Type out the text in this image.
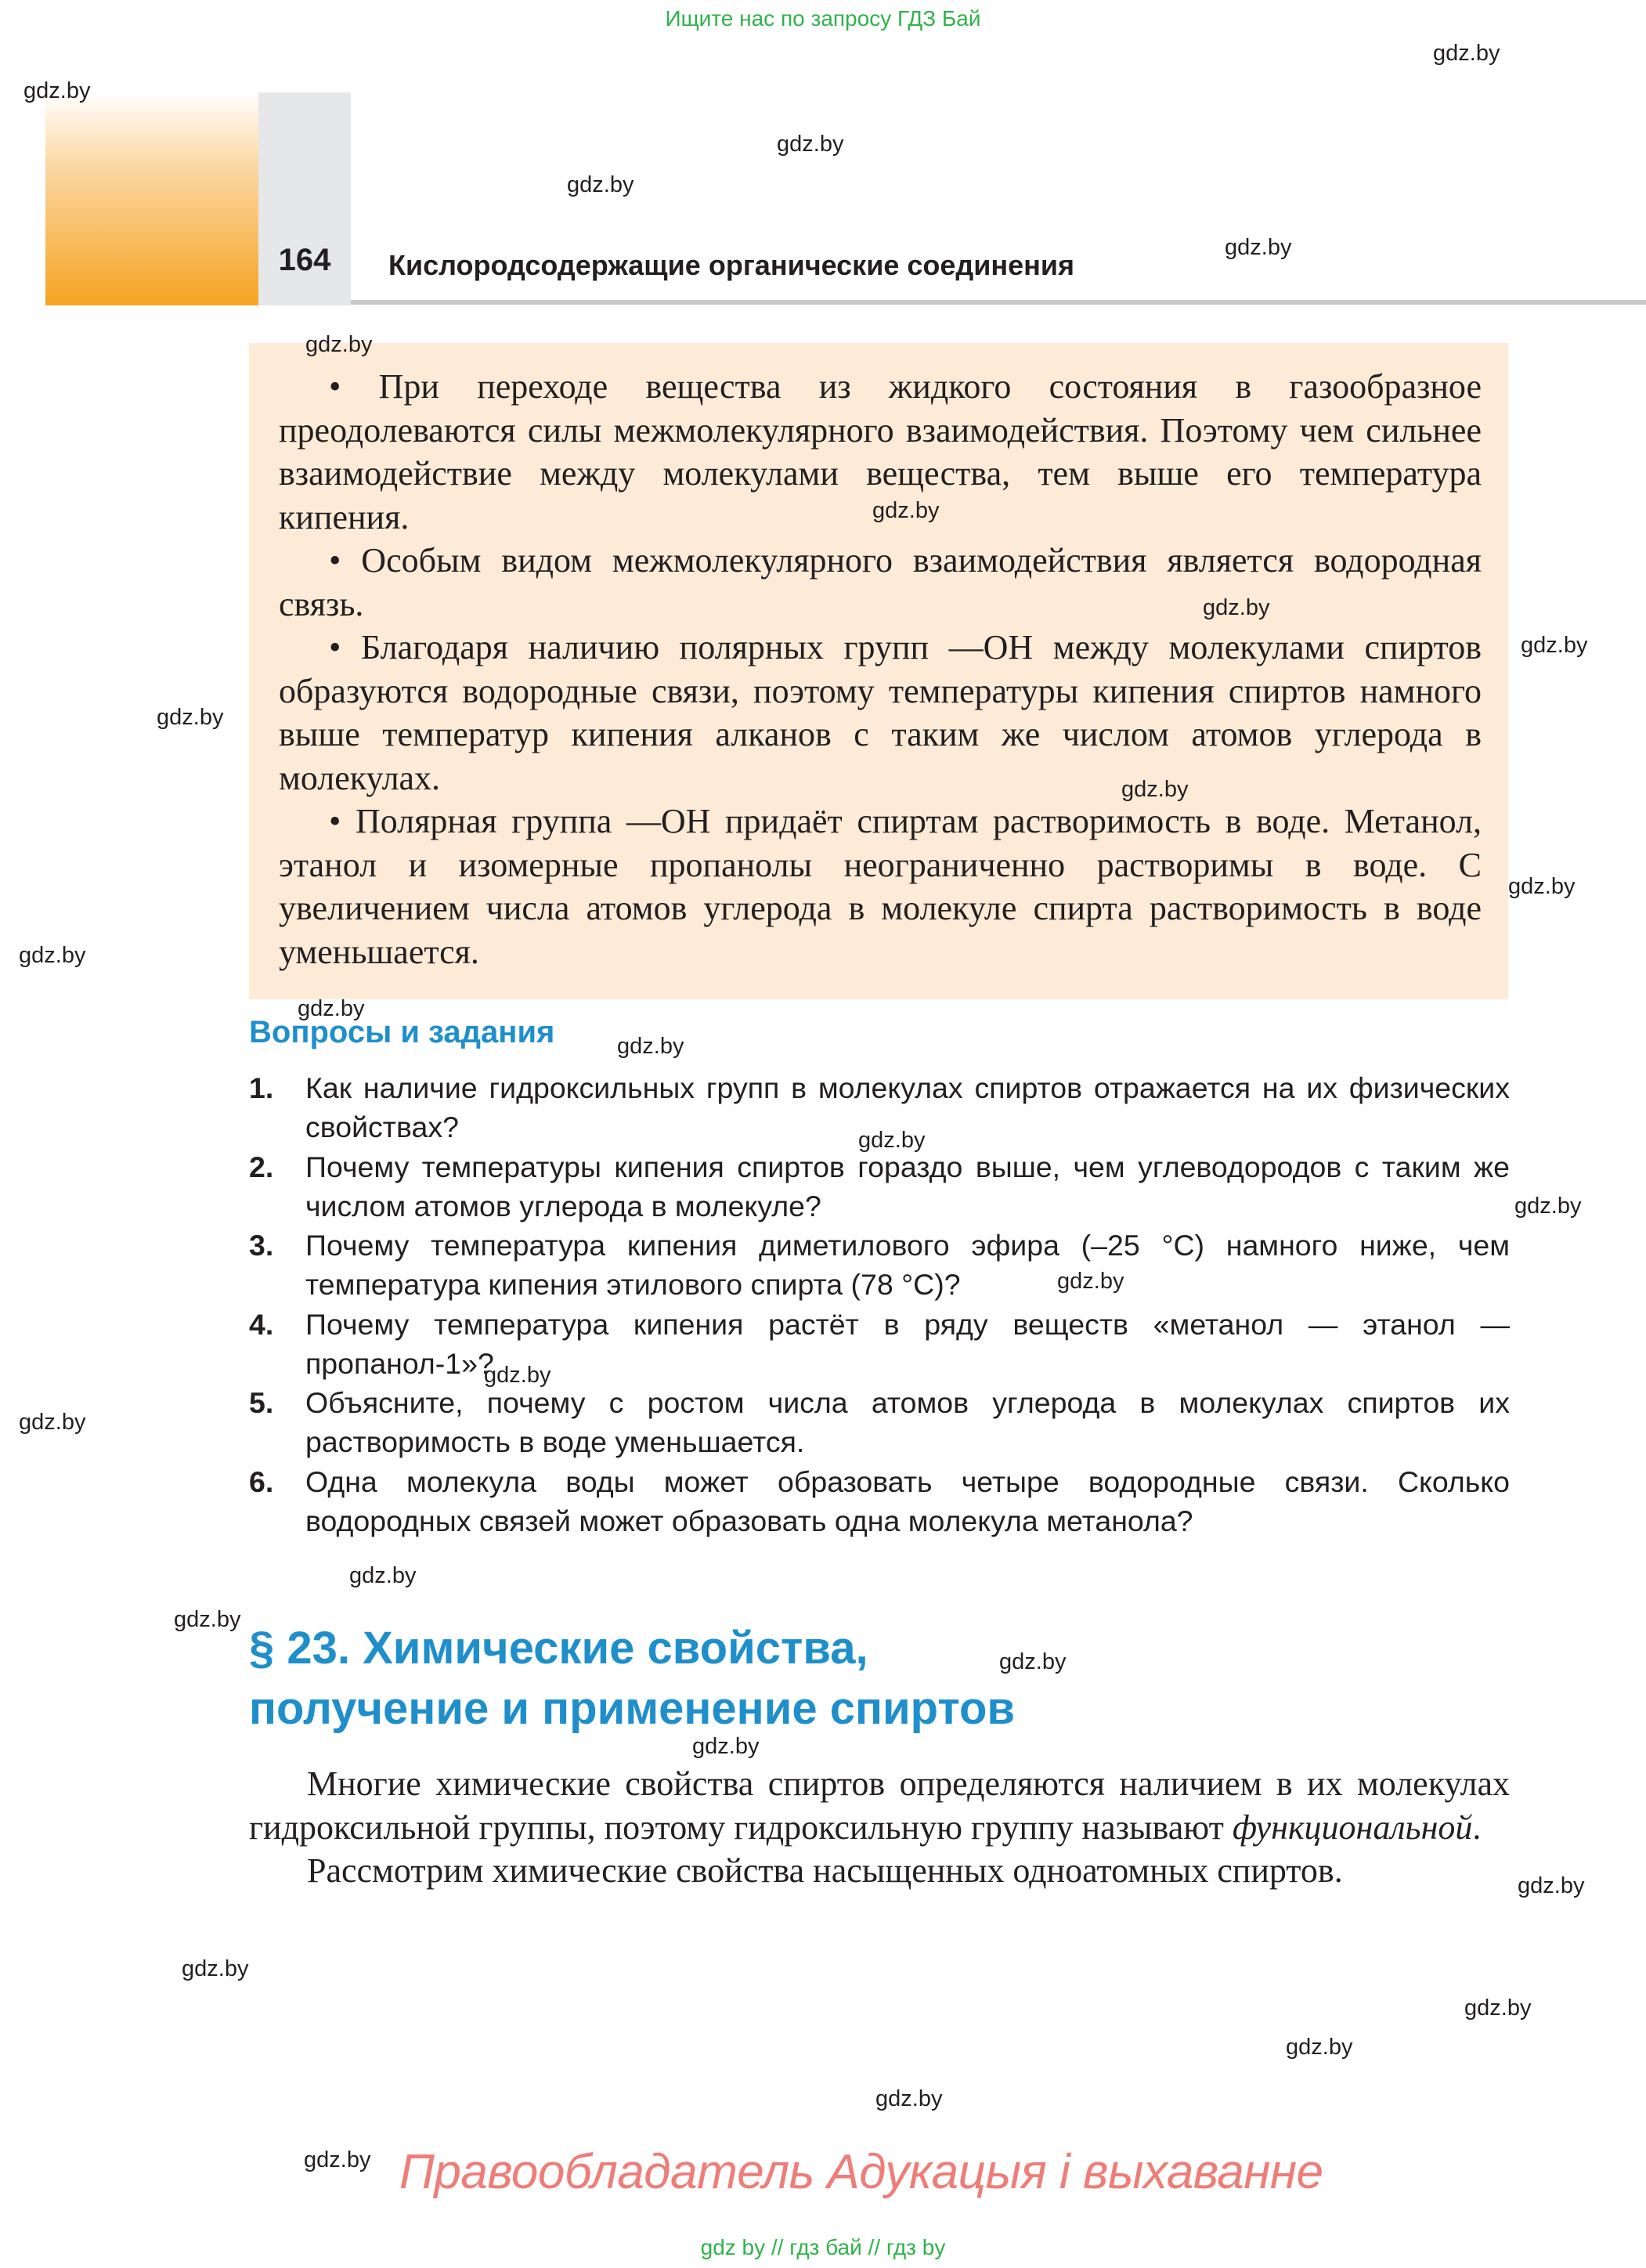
Ищите нас по запросу ГДЗ Бай
164	Кислородсодержащие органические соединения

• При переходе вещества из жидкого состояния в газообразное преодолеваются силы межмолекулярного взаимодействия. Поэтому чем сильнее взаимодействие между молекулами вещества, тем выше его температура кипения.

• Особым видом межмолекулярного взаимодействия является водородная связь.

• Благодаря наличию полярных групп —OH между молекулами спиртов образуются водородные связи, поэтому температуры кипения спиртов намного выше температур кипения алканов с таким же числом атомов углерода в молекулах.

• Полярная группа —OH придаёт спиртам растворимость в воде. Метанол, этанол и изомерные пропанолы неограниченно растворимы в воде. С увеличением числа атомов углерода в молекуле спирта растворимость в воде уменьшается.

Вопросы и задания
1.	Как наличие гидроксильных групп в молекулах спиртов отражается на их физических свойствах?
2.	Почему температуры кипения спиртов гораздо выше, чем углеводородов с таким же числом атомов углерода в молекуле?
3.	Почему температура кипения диметилового эфира (–25 °C) намного ниже, чем температура кипения этилового спирта (78 °C)?
4.	Почему температура кипения растёт в ряду веществ «метанол — этанол — пропанол-1»?
5.	Объясните, почему с ростом числа атомов углерода в молекулах спиртов их растворимость в воде уменьшается.
6.	Одна молекула воды может образовать четыре водородные связи. Сколько водородных связей может образовать одна молекула метанола?
§ 23. Химические свойства,
получение и применение спиртов

Многие химические свойства спиртов определяются наличием в их молекулах гидроксильной группы, поэтому гидроксильную группу называют функциональной.

Рассмотрим химические свойства насыщенных одноатомных спиртов.

Правообладатель Адукацыя і выхаванне
gdz by // гдз бай // гдз by
gdz.by
gdz.by
gdz.by
gdz.by
gdz.by
gdz.by
gdz.by
gdz.by
gdz.by
gdz.by
gdz.by
gdz.by
gdz.by
gdz.by
gdz.by
gdz.by
gdz.by
gdz.by
gdz.by
gdz.by
gdz.by
gdz.by
gdz.by
gdz.by
gdz.by
gdz.by
gdz.by
gdz.by
gdz.by
gdz.by
